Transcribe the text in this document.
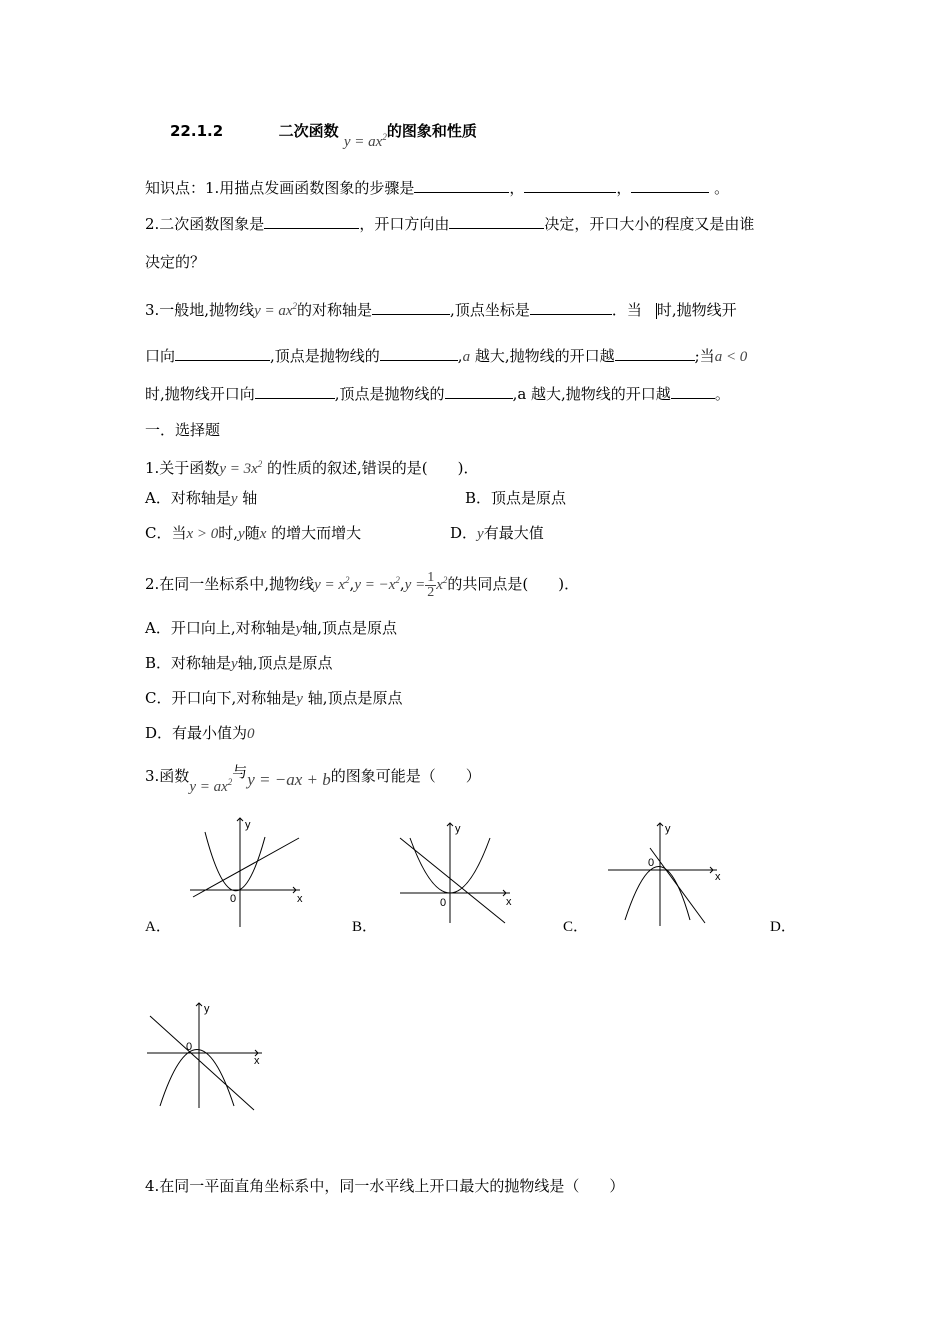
22.1.2	二次函数 $y = ax^2$的图象和性质
知识点：1.用描点发画函数图象的步骤是	，	，	。
2.二次函数图象是	，开口方向由	决定，开口大小的程度又是由谁
决定的？
3.一般地,抛物线$y = ax^2$的对称轴是	,顶点坐标是	．当 时,抛物线开
口向	,顶点是抛物线的	,a 越大,抛物线的开口越	;当a < 0
时,抛物线开口向	,顶点是抛物线的	,a 越大,抛物线的开口越	。
一．选择题
1.关于函数$y = 3x^2$ 的性质的叙述,错误的是(　　)．
A．对称轴是y 轴	B．顶点是原点
C．当x > 0时,y随x 的增大而增大	D．y有最大值
2.在同一坐标系中,抛物线$y = x^2,y = -x^2,y = \frac{1}{2} x^2$的共同点是(　　)．
A．开口向上,对称轴是y轴,顶点是原点
B．对称轴是y轴,顶点是原点
C．开口向下,对称轴是y 轴,顶点是原点
D．有最小值为0
3.函数$y = ax^2$与y = −ax + b的图象可能是（　　）
A．	B．	C．	D．
y
x
0
y
x
0
y
x
0
y
x
0
4.在同一平面直角坐标系中，同一水平线上开口最大的抛物线是（　　）
